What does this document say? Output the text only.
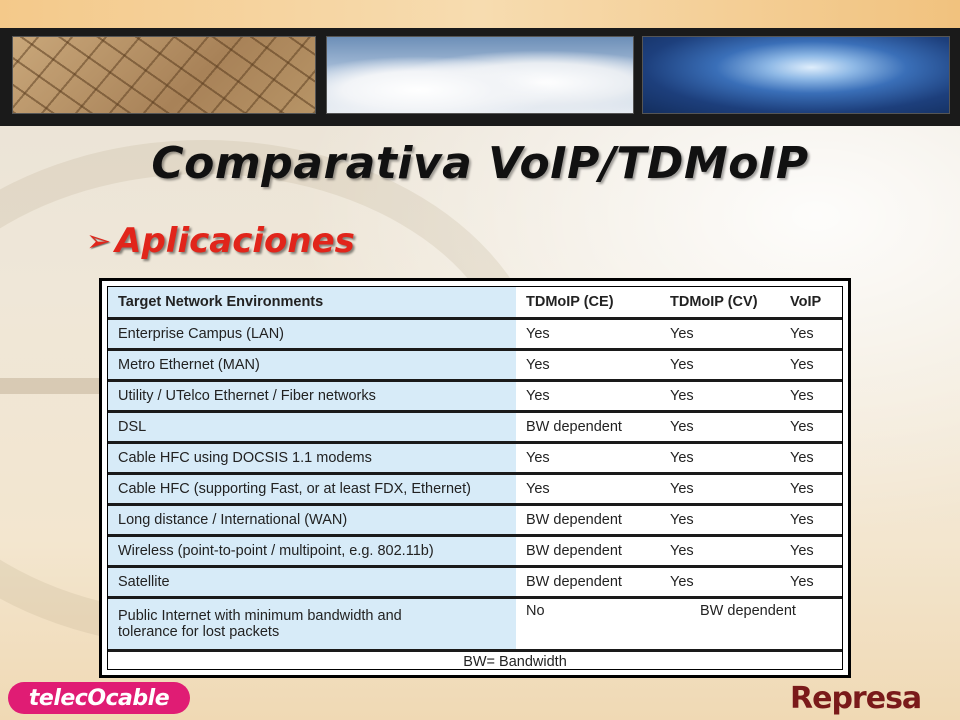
Comparativa VoIP/TDMoIP
➢ Aplicaciones
Target Network Environments	TDMoIP (CE)	TDMoIP (CV)	VoIP
Enterprise Campus (LAN)	Yes	Yes	Yes
Metro Ethernet (MAN)	Yes	Yes	Yes
Utility / UTelco Ethernet / Fiber networks	Yes	Yes	Yes
DSL	BW dependent	Yes	Yes
Cable HFC using DOCSIS 1.1 modems	Yes	Yes	Yes
Cable HFC (supporting Fast, or at least FDX, Ethernet)	Yes	Yes	Yes
Long distance / International (WAN)	BW dependent	Yes	Yes
Wireless (point-to-point / multipoint, e.g. 802.11b)	BW dependent	Yes	Yes
Satellite	BW dependent	Yes	Yes

Public Internet with minimum bandwidth and
tolerance for lost packets	No	BW dependent	
BW= Bandwidth			
telecOcable	Represa
